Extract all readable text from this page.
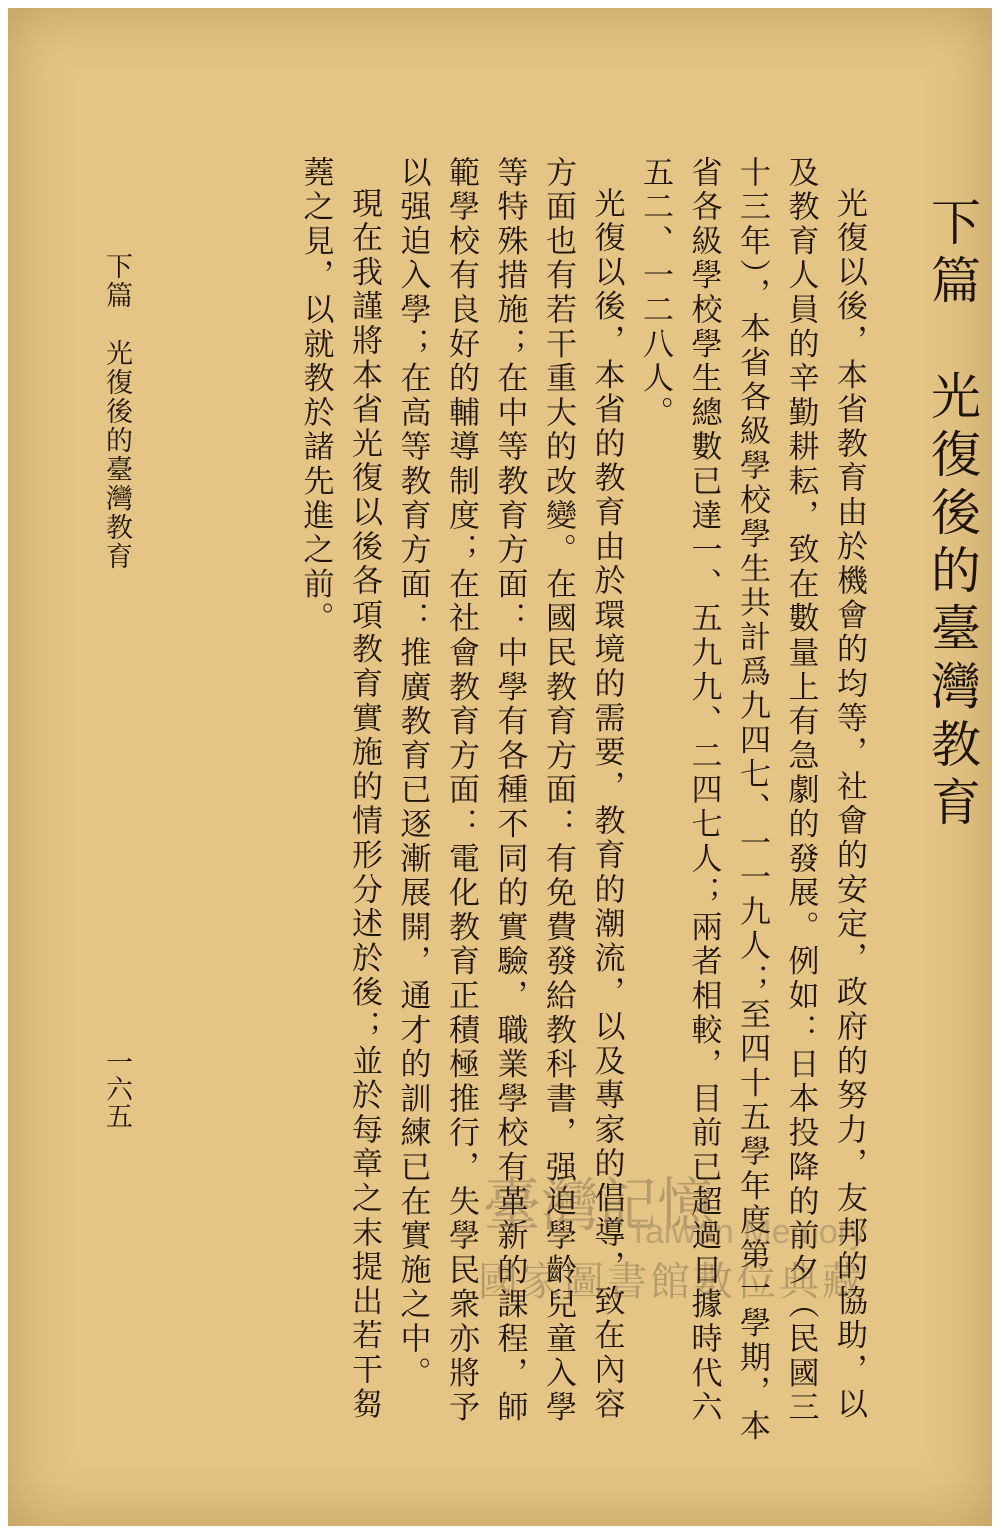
下篇　光復後的臺灣教育

光復以後，本省教育由於機會的均等，社會的安定，政府的努力，友邦的協助，以及教育人員的辛勤耕耘，致在數量上有急劇的發展。例如：日本投降的前夕（民國三十三年），本省各級學校學生共計爲九四七、一一九人；至四十五學年度第一學期，本省各級學校學生總數已達一、五九九、二四七人；兩者相較，目前已超過日據時代六五二、一二八人。

光復以後，本省的教育由於環境的需要，教育的潮流，以及專家的倡導，致在內容方面也有若干重大的改變。在國民教育方面：有免費發給教科書，强迫學齡兒童入學等特殊措施；在中等教育方面：中學有各種不同的實驗，職業學校有革新的課程，師範學校有良好的輔導制度；在社會教育方面：電化教育正積極推行，失學民衆亦將予以强迫入學；在高等教育方面：推廣教育已逐漸展開，通才的訓練已在實施之中。

現在我謹將本省光復以後各項教育實施的情形分述於後；並於每章之末提出若干芻蕘之見，以就教於諸先進之前。

下篇　光復後的臺灣教育
一六五
臺灣記憶
Taiwan Memory
國家圖書館數位典藏
